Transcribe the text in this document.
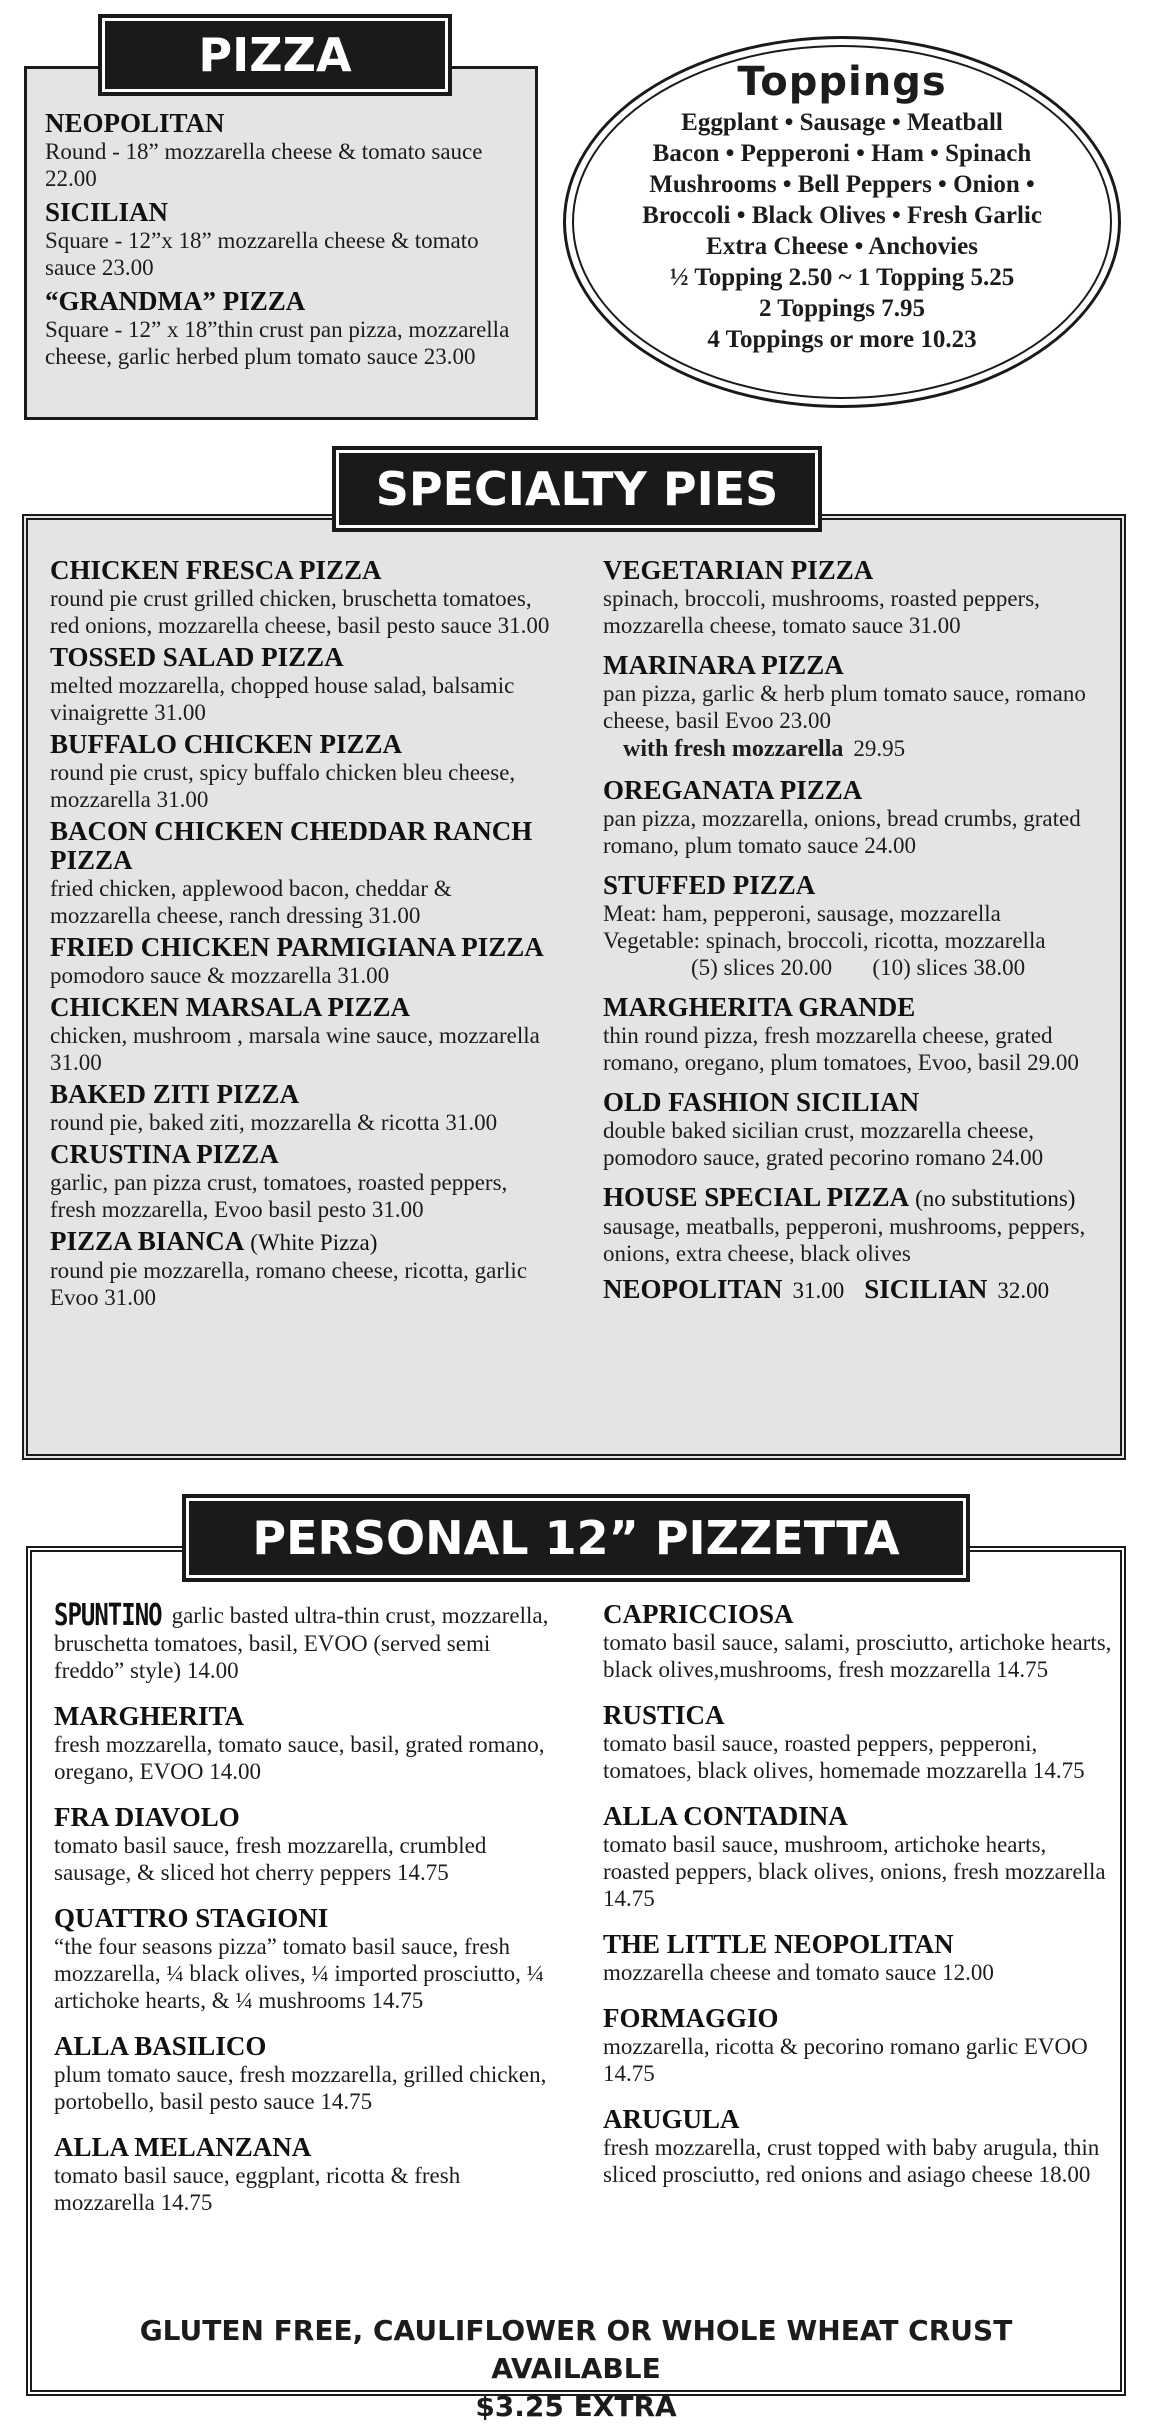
PIZZA
NEOPOLITAN
Round - 18” mozzarella cheese & tomato sauce 22.00
SICILIAN
Square - 12”x 18” mozzarella cheese & tomato sauce 23.00
“GRANDMA” PIZZA
Square - 12” x 18”thin crust pan pizza, mozzarella cheese, garlic herbed plum tomato sauce 23.00
Toppings
Eggplant • Sausage • Meatball
Bacon • Pepperoni • Ham • Spinach
Mushrooms • Bell Peppers • Onion •
Broccoli • Black Olives • Fresh Garlic
Extra Cheese • Anchovies
½ Topping 2.50 ~ 1 Topping 5.25
2 Toppings 7.95
4 Toppings or more 10.23
SPECIALTY PIES
CHICKEN FRESCA PIZZA
round pie crust grilled chicken, bruschetta tomatoes, red onions, mozzarella cheese, basil pesto sauce 31.00
TOSSED SALAD PIZZA
melted mozzarella, chopped house salad, balsamic vinaigrette 31.00
BUFFALO CHICKEN PIZZA
round pie crust, spicy buffalo chicken bleu cheese, mozzarella 31.00
BACON CHICKEN CHEDDAR RANCH PIZZA
fried chicken, applewood bacon, cheddar & mozzarella cheese, ranch dressing 31.00
FRIED CHICKEN PARMIGIANA PIZZA
pomodoro sauce & mozzarella 31.00
CHICKEN MARSALA PIZZA
chicken, mushroom , marsala wine sauce, mozzarella 31.00
BAKED ZITI PIZZA
round pie, baked ziti, mozzarella & ricotta 31.00
CRUSTINA PIZZA
garlic, pan pizza crust, tomatoes, roasted peppers, fresh mozzarella, Evoo basil pesto 31.00
PIZZA BIANCA (White Pizza)
round pie mozzarella, romano cheese, ricotta, garlic Evoo 31.00
VEGETARIAN PIZZA
spinach, broccoli, mushrooms, roasted peppers, mozzarella cheese, tomato sauce 31.00
MARINARA PIZZA
pan pizza, garlic & herb plum tomato sauce, romano cheese, basil Evoo 23.00
with fresh mozzarella 29.95
OREGANATA PIZZA
pan pizza, mozzarella, onions, bread crumbs, grated romano, plum tomato sauce 24.00
STUFFED PIZZA
Meat: ham, pepperoni, sausage, mozzarella
Vegetable: spinach, broccoli, ricotta, mozzarella
(5) slices 20.00       (10) slices 38.00
MARGHERITA GRANDE
thin round pizza, fresh mozzarella cheese, grated romano, oregano, plum tomatoes, Evoo, basil 29.00
OLD FASHION SICILIAN
double baked sicilian crust, mozzarella cheese, pomodoro sauce, grated pecorino romano 24.00
HOUSE SPECIAL PIZZA (no substitutions)
sausage, meatballs, pepperoni, mushrooms, peppers, onions, extra cheese, black olives
NEOPOLITAN 31.00 SICILIAN 32.00
PERSONAL 12” PIZZETTA
SPUNTINO garlic basted ultra-thin crust, mozzarella, bruschetta tomatoes, basil, EVOO (served semi freddo” style) 14.00
MARGHERITA
fresh mozzarella, tomato sauce, basil, grated romano, oregano, EVOO 14.00
FRA DIAVOLO
tomato basil sauce, fresh mozzarella, crumbled sausage, & sliced hot cherry peppers 14.75
QUATTRO STAGIONI
“the four seasons pizza” tomato basil sauce, fresh mozzarella, ¼ black olives, ¼ imported prosciutto, ¼ artichoke hearts, & ¼ mushrooms 14.75
ALLA BASILICO
plum tomato sauce, fresh mozzarella, grilled chicken, portobello, basil pesto sauce 14.75
ALLA MELANZANA
tomato basil sauce, eggplant, ricotta & fresh mozzarella 14.75
CAPRICCIOSA
tomato basil sauce, salami, prosciutto, artichoke hearts, black olives,mushrooms, fresh mozzarella 14.75
RUSTICA
tomato basil sauce, roasted peppers, pepperoni, tomatoes, black olives, homemade mozzarella 14.75
ALLA CONTADINA
tomato basil sauce, mushroom, artichoke hearts, roasted peppers, black olives, onions, fresh mozzarella 14.75
THE LITTLE NEOPOLITAN
mozzarella cheese and tomato sauce 12.00
FORMAGGIO
mozzarella, ricotta & pecorino romano garlic EVOO 14.75
ARUGULA
fresh mozzarella, crust topped with baby arugula, thin sliced prosciutto, red onions and asiago cheese 18.00
GLUTEN FREE, CAULIFLOWER OR WHOLE WHEAT CRUST AVAILABLE
$3.25 EXTRA
